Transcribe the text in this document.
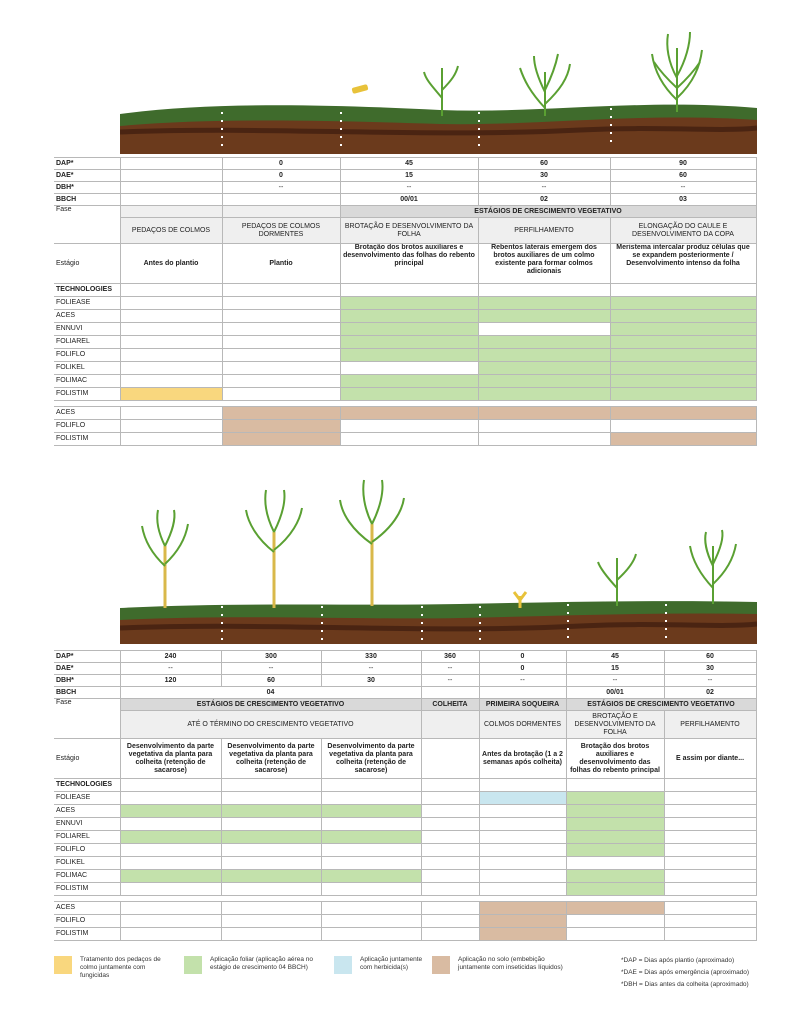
DAP*		0	45	60	90
DAE*		0	15	30	60
DBH*		--	--	--	--
BBCH			00/01	02	03
Fase			ESTÁGIOS DE CRESCIMENTO VEGETATIVO		
	PEDAÇOS DE COLMOS	PEDAÇOS DE COLMOS DORMENTES	BROTAÇÃO E DESENVOLVIMENTO DA FOLHA	PERFILHAMENTO	ELONGAÇÃO DO CAULE E DESENVOLVIMENTO DA COPA
Estágio	Antes do plantio	Plantio	Brotação dos brotos auxiliares e desenvolvimento das folhas do rebento principal	Rebentos laterais emergem dos brotos auxiliares de um colmo existente para formar colmos adicionais	Meristema intercalar produz células que se expandem posteriormente / Desenvolvimento intenso da folha
TECHNOLOGIES					
FOLIEASE					
ACES					
ENNUVI					
FOLIAREL					
FOLIFLO					
FOLIKEL					
FOLIMAC					
FOLISTIM					

ACES					
FOLIFLO					
FOLISTIM					
DAP*	240	300	330	360	0	45	60
DAE*	--	--	--	--	0	15	30
DBH*	120	60	30	--	--	--	--
BBCH	04					00/01	02
Fase	ESTÁGIOS DE CRESCIMENTO VEGETATIVO			COLHEITA	PRIMEIRA SOQUEIRA	ESTÁGIOS DE CRESCIMENTO VEGETATIVO	
	ATÉ O TÉRMINO DO CRESCIMENTO VEGETATIVO				COLMOS DORMENTES	BROTAÇÃO E DESENVOLVIMENTO DA FOLHA	PERFILHAMENTO
Estágio	Desenvolvimento da parte vegetativa da planta para colheita (retenção de sacarose)	Desenvolvimento da parte vegetativa da planta para colheita (retenção de sacarose)	Desenvolvimento da parte vegetativa da planta para colheita (retenção de sacarose)		Antes da brotação (1 a 2 semanas após colheita)	Brotação dos brotos auxiliares e desenvolvimento das folhas do rebento principal	E assim por diante...
TECHNOLOGIES							
FOLIEASE							
ACES							
ENNUVI							
FOLIAREL							
FOLIFLO							
FOLIKEL							
FOLIMAC							
FOLISTIM							

ACES							
FOLIFLO							
FOLISTIM							
Tratamento dos pedaços de colmo juntamente com fungicidas
Aplicação foliar (aplicação aérea no estágio de crescimento 04 BBCH)
Aplicação juntamente com herbicida(s)
Aplicação no solo (embebição juntamente com inseticidas líquidos)
*DAP = Dias após plantio (aproximado)
*DAE = Dias após emergência (aproximado)
*DBH = Dias antes da colheita (aproximado)
